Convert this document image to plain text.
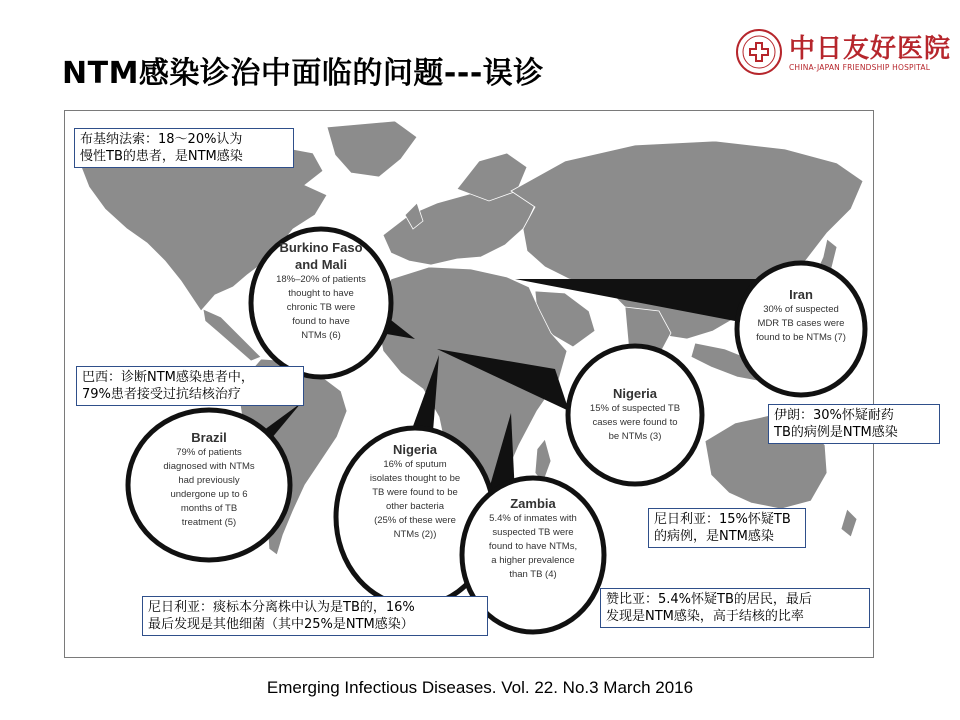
NTM感染诊治中面临的问题---误诊
中日友好医院
CHINA-JAPAN FRIENDSHIP HOSPITAL
Burkino Faso
and Mali
18%–20% of patients
thought to have
chronic TB were
found to have
NTMs (6)
Iran
30% of suspected
MDR TB cases were
found to be NTMs (7)
Nigeria
15% of suspected TB
cases were found to
be NTMs (3)
Brazil
79% of patients
diagnosed with NTMs
had previously
undergone up to 6
months of TB
treatment (5)
Nigeria
16% of sputum
isolates thought to be
TB were found to be
other bacteria
(25% of these were
NTMs (2))
Zambia
5.4% of inmates with
suspected TB were
found to have NTMs,
a higher prevalence
than TB (4)
布基纳法索：18～20%认为
慢性TB的患者，是NTM感染
巴西：诊断NTM感染患者中，
79%患者接受过抗结核治疗
伊朗：30%怀疑耐药
TB的病例是NTM感染
尼日利亚：15%怀疑TB
的病例，是NTM感染
赞比亚：5.4%怀疑TB的居民，最后
发现是NTM感染，高于结核的比率
尼日利亚：痰标本分离株中认为是TB的，16%
最后发现是其他细菌（其中25%是NTM感染）
Emerging Infectious Diseases. Vol. 22. No.3 March 2016
